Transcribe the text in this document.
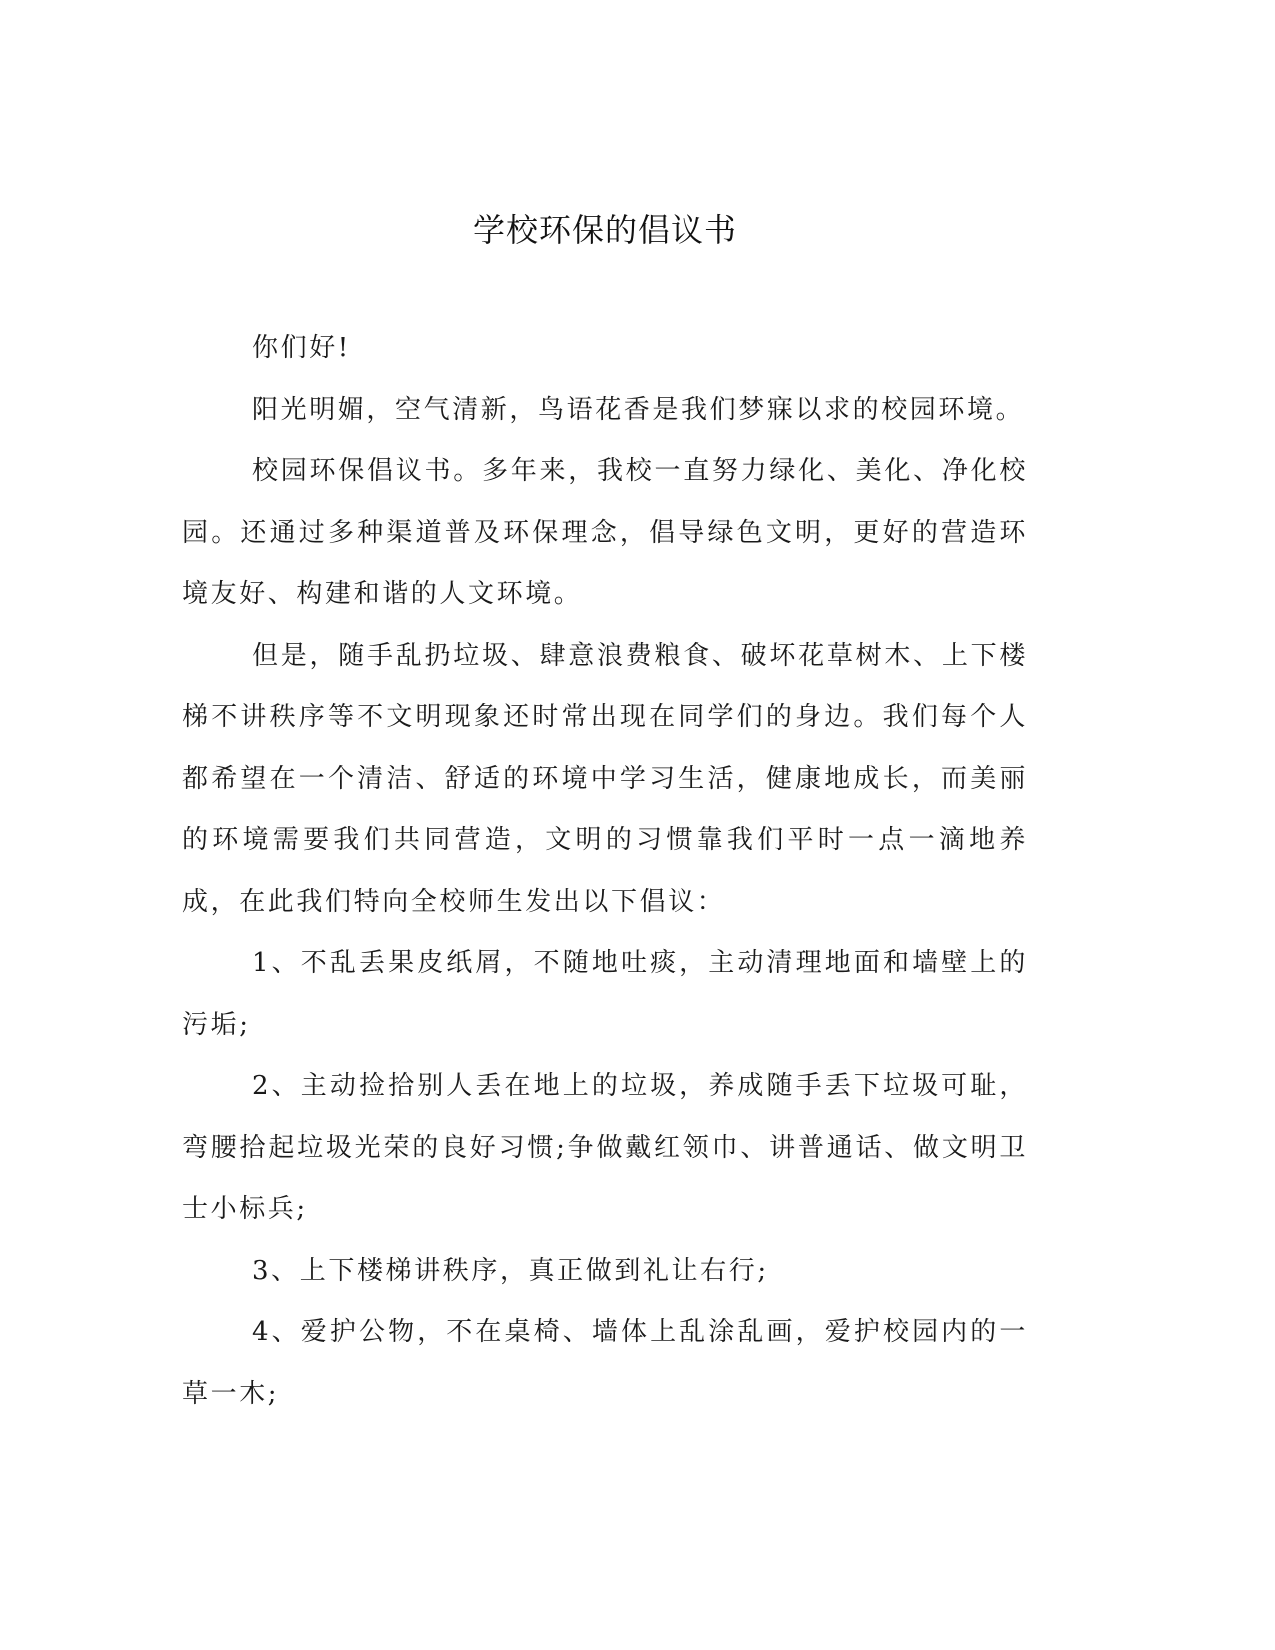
学校环保的倡议书

你们好!

阳光明媚，空气清新，鸟语花香是我们梦寐以求的校园环境。

校园环保倡议书。多年来，我校一直努力绿化、美化、净化校园。还通过多种渠道普及环保理念，倡导绿色文明，更好的营造环境友好、构建和谐的人文环境。

但是，随手乱扔垃圾、肆意浪费粮食、破坏花草树木、上下楼梯不讲秩序等不文明现象还时常出现在同学们的身边。我们每个人都希望在一个清洁、舒适的环境中学习生活，健康地成长，而美丽的环境需要我们共同营造，文明的习惯靠我们平时一点一滴地养成，在此我们特向全校师生发出以下倡议：

1、不乱丢果皮纸屑，不随地吐痰，主动清理地面和墙壁上的污垢;

2、主动捡拾别人丢在地上的垃圾，养成随手丢下垃圾可耻，弯腰拾起垃圾光荣的良好习惯;争做戴红领巾、讲普通话、做文明卫士小标兵;

3、上下楼梯讲秩序，真正做到礼让右行;

4、爱护公物，不在桌椅、墙体上乱涂乱画，爱护校园内的一草一木;
